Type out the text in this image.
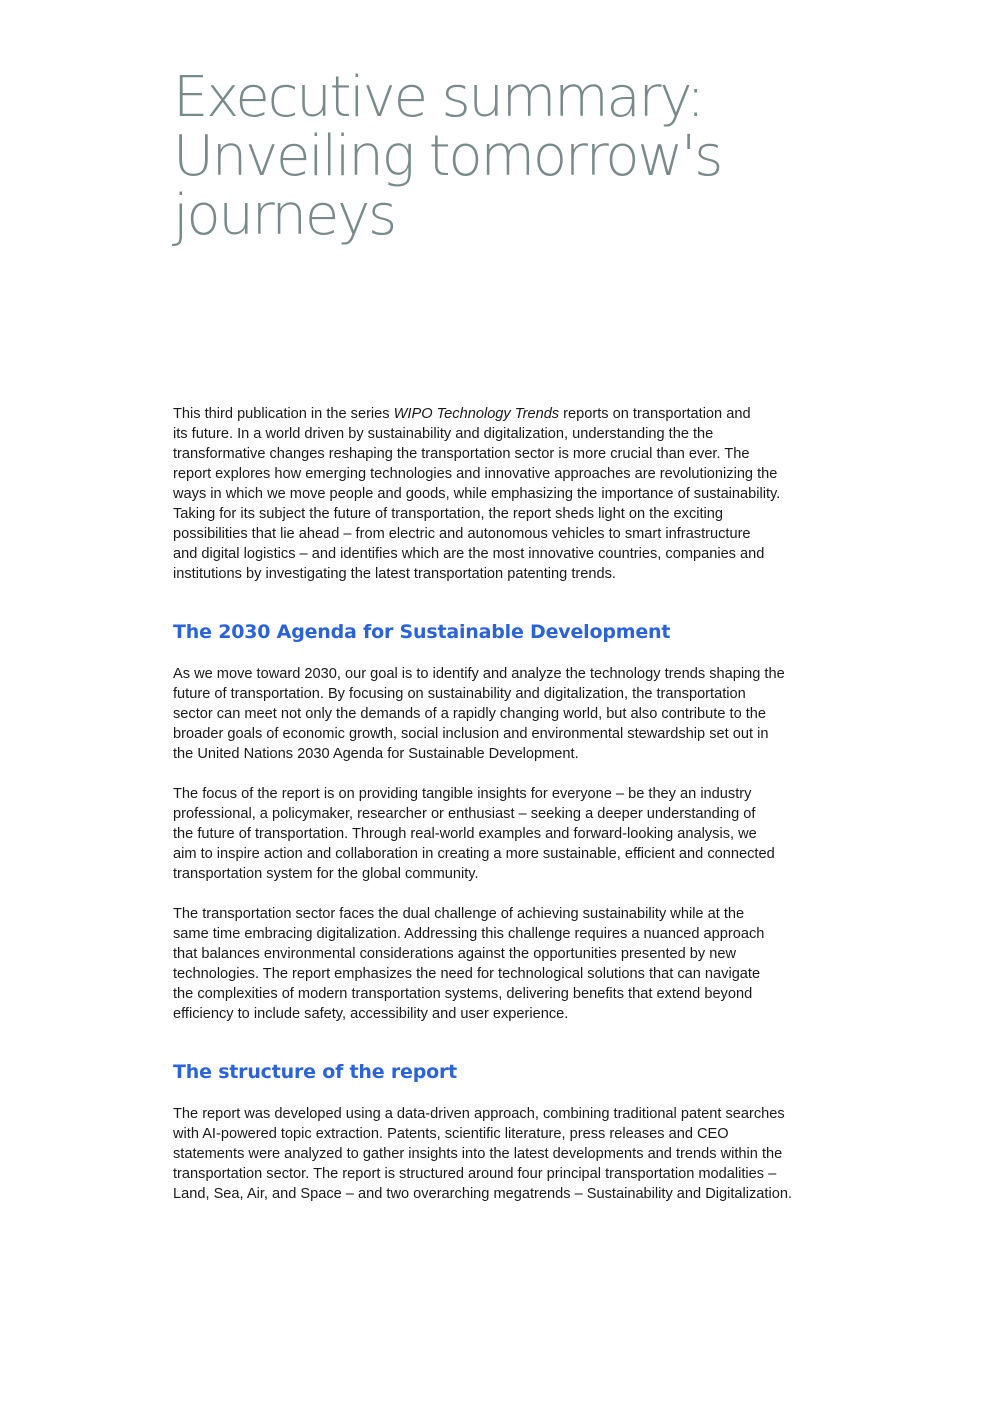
Executive summary:
Unveiling tomorrow's
journeys

This third publication in the series WIPO Technology Trends reports on transportation and
its future. In a world driven by sustainability and digitalization, understanding the the
transformative changes reshaping the transportation sector is more crucial than ever. The
report explores how emerging technologies and innovative approaches are revolutionizing the
ways in which we move people and goods, while emphasizing the importance of sustainability.
Taking for its subject the future of transportation, the report sheds light on the exciting
possibilities that lie ahead – from electric and autonomous vehicles to smart infrastructure
and digital logistics – and identifies which are the most innovative countries, companies and
institutions by investigating the latest transportation patenting trends.

The 2030 Agenda for Sustainable Development

As we move toward 2030, our goal is to identify and analyze the technology trends shaping the
future of transportation. By focusing on sustainability and digitalization, the transportation
sector can meet not only the demands of a rapidly changing world, but also contribute to the
broader goals of economic growth, social inclusion and environmental stewardship set out in
the United Nations 2030 Agenda for Sustainable Development.

The focus of the report is on providing tangible insights for everyone – be they an industry
professional, a policymaker, researcher or enthusiast – seeking a deeper understanding of
the future of transportation. Through real-world examples and forward-looking analysis, we
aim to inspire action and collaboration in creating a more sustainable, efficient and connected
transportation system for the global community.

The transportation sector faces the dual challenge of achieving sustainability while at the
same time embracing digitalization. Addressing this challenge requires a nuanced approach
that balances environmental considerations against the opportunities presented by new
technologies. The report emphasizes the need for technological solutions that can navigate
the complexities of modern transportation systems, delivering benefits that extend beyond
efficiency to include safety, accessibility and user experience.

The structure of the report

The report was developed using a data-driven approach, combining traditional patent searches
with AI-powered topic extraction. Patents, scientific literature, press releases and CEO
statements were analyzed to gather insights into the latest developments and trends within the
transportation sector. The report is structured around four principal transportation modalities –
Land, Sea, Air, and Space – and two overarching megatrends – Sustainability and Digitalization.
